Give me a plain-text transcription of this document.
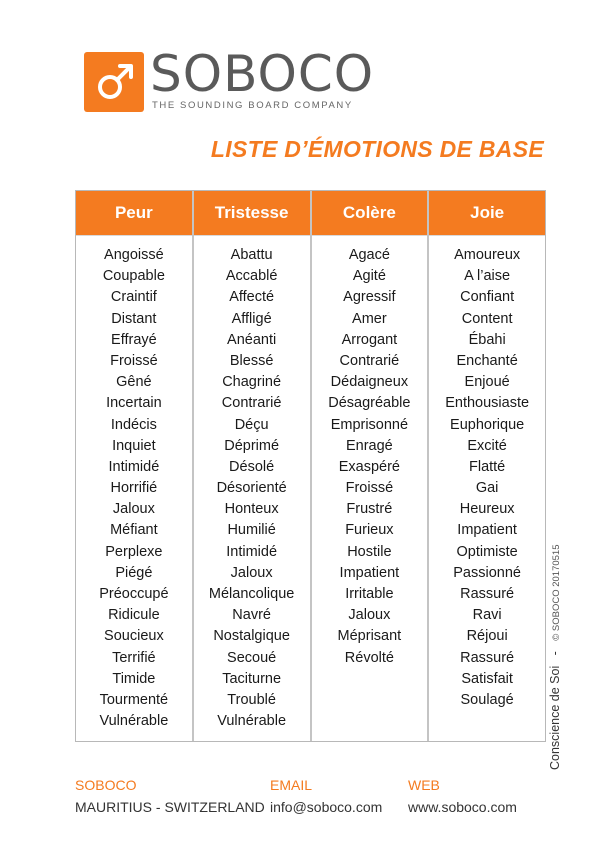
SOBOCO
THE SOUNDING BOARD COMPANY
LISTE D’ÉMOTIONS DE BASE
Peur
Angoissé
Coupable
Craintif
Distant
Effrayé
Froissé
Gêné
Incertain
Indécis
Inquiet
Intimidé
Horrifié
Jaloux
Méfiant
Perplexe
Piégé
Préoccupé
Ridicule
Soucieux
Terrifié
Timide
Tourmenté
Vulnérable
Tristesse
Abattu
Accablé
Affecté
Affligé
Anéanti
Blessé
Chagriné
Contrarié
Déçu
Déprimé
Désolé
Désorienté
Honteux
Humilié
Intimidé
Jaloux
Mélancolique
Navré
Nostalgique
Secoué
Taciturne
Troublé
Vulnérable
Colère
Agacé
Agité
Agressif
Amer
Arrogant
Contrarié
Dédaigneux
Désagréable
Emprisonné
Enragé
Exaspéré
Froissé
Frustré
Furieux
Hostile
Impatient
Irritable
Jaloux
Méprisant
Révolté
Joie
Amoureux
A l’aise
Confiant
Content
Ébahi
Enchanté
Enjoué
Enthousiaste
Euphorique
Excité
Flatté
Gai
Heureux
Impatient
Optimiste
Passionné
Rassuré
Ravi
Réjoui
Rassuré
Satisfait
Soulagé	Conscience de Soi   -   © SOBOCO 20170515
SOBOCO
MAURITIUS - SWITZERLAND
EMAIL
info@soboco.com
WEB
www.soboco.com
